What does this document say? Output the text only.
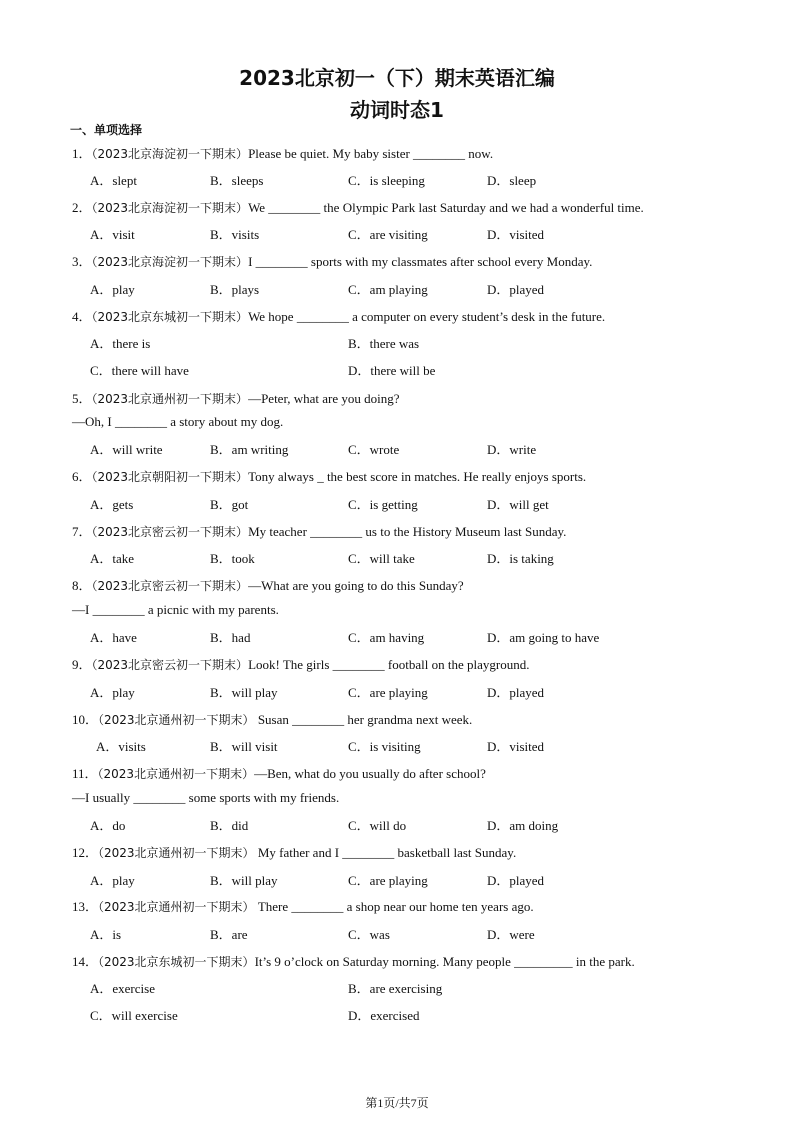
2023北京初一（下）期末英语汇编
动词时态1
一、单项选择
1．（2023北京海淀初一下期末）Please be quiet. My baby sister ________ now.
A．slept	B．sleeps	C．is sleeping	D．sleep
2．（2023北京海淀初一下期末）We ________ the Olympic Park last Saturday and we had a wonderful time.
A．visit	B．visits	C．are visiting	D．visited
3．（2023北京海淀初一下期末）I ________ sports with my classmates after school every Monday.
A．play	B．plays	C．am playing	D．played
4．（2023北京东城初一下期末）We hope ________ a computer on every student’s desk in the future.
A．there is	B．there was
C．there will have	D．there will be
5．（2023北京通州初一下期末）—Peter, what are you doing?
—Oh, I ________ a story about my dog.
A．will write	B．am writing	C．wrote	D．write
6．（2023北京朝阳初一下期末）Tony always _ the best score in matches. He really enjoys sports.
A．gets	B．got	C．is getting	D．will get
7．（2023北京密云初一下期末）My teacher ________ us to the History Museum last Sunday.
A．take	B．took	C．will take	D．is taking
8．（2023北京密云初一下期末）—What are you going to do this Sunday?
—I ________ a picnic with my parents.
A．have	B．had	C．am having	D．am going to have
9．（2023北京密云初一下期末）Look! The girls ________ football on the playground.
A．play	B．will play	C．are playing	D．played
10．（2023北京通州初一下期末） Susan ________ her grandma next week.
A．visits	B．will visit	C．is visiting	D．visited
11．（2023北京通州初一下期末）—Ben, what do you usually do after school?
—I usually ________ some sports with my friends.
A．do	B．did	C．will do	D．am doing
12．（2023北京通州初一下期末） My father and I ________ basketball last Sunday.
A．play	B．will play	C．are playing	D．played
13．（2023北京通州初一下期末） There ________ a shop near our home ten years ago.
A．is	B．are	C．was	D．were
14．（2023北京东城初一下期末）It’s 9 o’clock on Saturday morning. Many people _________ in the park.
A．exercise	B．are exercising
C．will exercise	D．exercised
第1页/共7页
